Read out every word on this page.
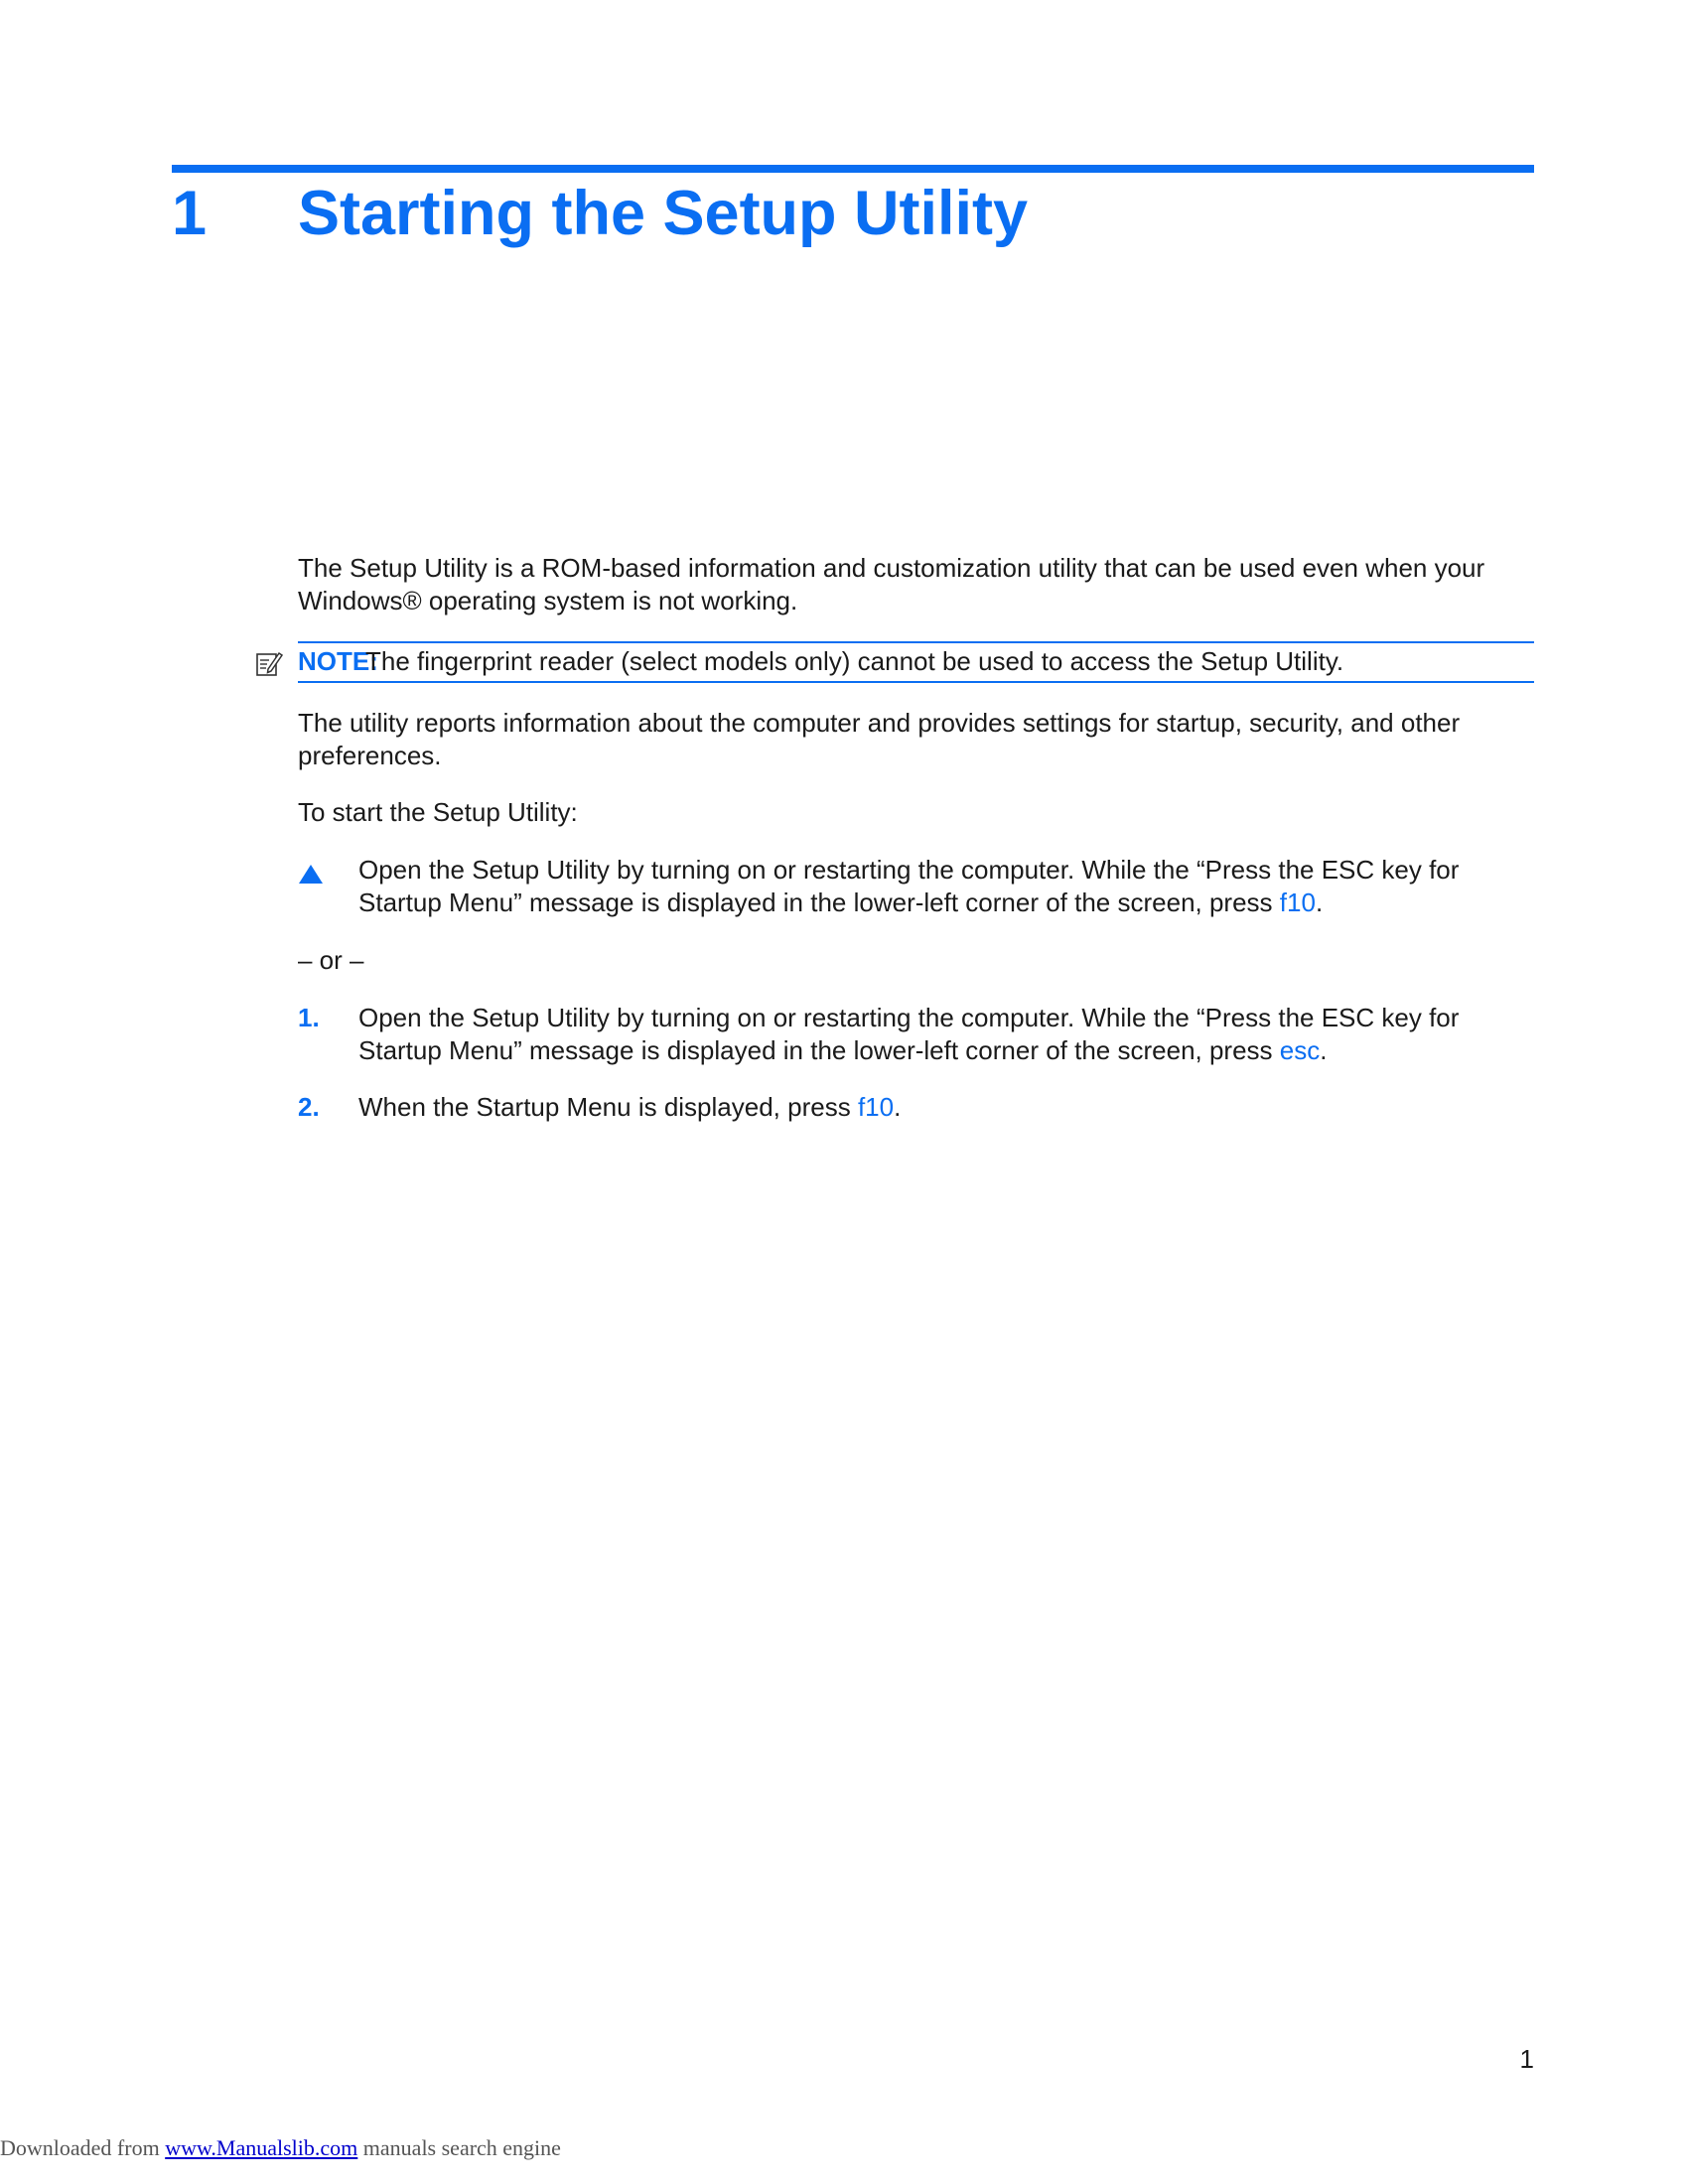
1 Starting the Setup Utility

The Setup Utility is a ROM-based information and customization utility that can be used even when your Windows® operating system is not working.

NOTE:
The fingerprint reader (select models only) cannot be used to access the Setup Utility.

The utility reports information about the computer and provides settings for startup, security, and other preferences.

To start the Setup Utility:

Open the Setup Utility by turning on or restarting the computer. While the “Press the ESC key for Startup Menu” message is displayed in the lower-left corner of the screen, press f10.

– or –

1. Open the Setup Utility by turning on or restarting the computer. While the “Press the ESC key for Startup Menu” message is displayed in the lower-left corner of the screen, press esc.
2. When the Startup Menu is displayed, press f10.
1
Downloaded from www.Manualslib.com manuals search engine
